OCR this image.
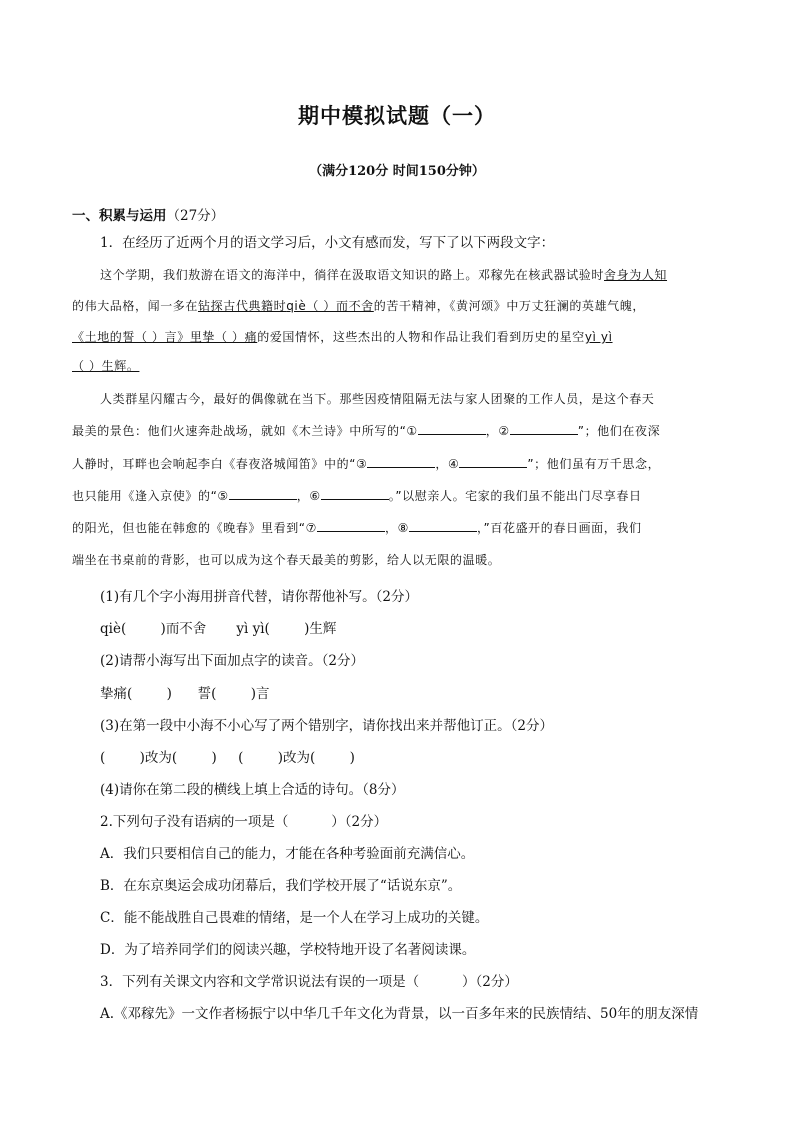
期中模拟试题（一）
（满分120分 时间150分钟）
一、积累与运用（27分）
1．在经历了近两个月的语文学习后，小文有感而发，写下了以下两段文字：
这个学期，我们敖游在语文的海洋中，徜徉在汲取语文知识的路上。邓稼先在核武器试验时舍身为人知
的伟大品格，闻一多在钻探古代典籍时qiè（ ）而不舍的苦干精神，《黄河颂》中万丈狂澜的英雄气魄，
《土地的誓（ ）言》里挚（ ）痛的爱国情怀，这些杰出的人物和作品让我们看到历史的星空yì yì
（ ）生辉。
人类群星闪耀古今，最好的偶像就在当下。那些因疫情阻隔无法与家人团聚的工作人员，是这个春天
最美的景色：他们火速奔赴战场，就如《木兰诗》中所写的“①	，②	”；他们在夜深
人静时，耳畔也会响起李白《春夜洛城闻笛》中的“③	，④	”；他们虽有万千思念，
也只能用《逢入京使》的“⑤	，⑥	。”以慰亲人。宅家的我们虽不能出门尽享春日
的阳光，但也能在韩愈的《晚春》里看到“⑦	，⑧	，”百花盛开的春日画面，我们
端坐在书桌前的背影，也可以成为这个春天最美的剪影，给人以无限的温暖。
(1)有几个字小海用拼音代替，请你帮他补写。（2分）
qiè(        )而不舍       yì yì(        )生辉
(2)请帮小海写出下面加点字的读音。（2分）
挚痛(        )      誓(        )言
(3)在第一段中小海不小心写了两个错别字，请你找出来并帮他订正。（2分）
(        )改为(        )     (        )改为(        )
(4)请你在第二段的横线上填上合适的诗句。（8分）
2.下列句子没有语病的一项是（          ）（2分）
A．我们只要相信自己的能力，才能在各种考验面前充满信心。
B．在东京奥运会成功闭幕后，我们学校开展了“话说东京”。
C．能不能战胜自己畏难的情绪，是一个人在学习上成功的关键。
D．为了培养同学们的阅读兴趣，学校特地开设了名著阅读课。
3．下列有关课文内容和文学常识说法有误的一项是（          ）（2分）
A.《邓稼先》一文作者杨振宁以中华几千年文化为背景，以一百多年来的民族情结、50年的朋友深情
